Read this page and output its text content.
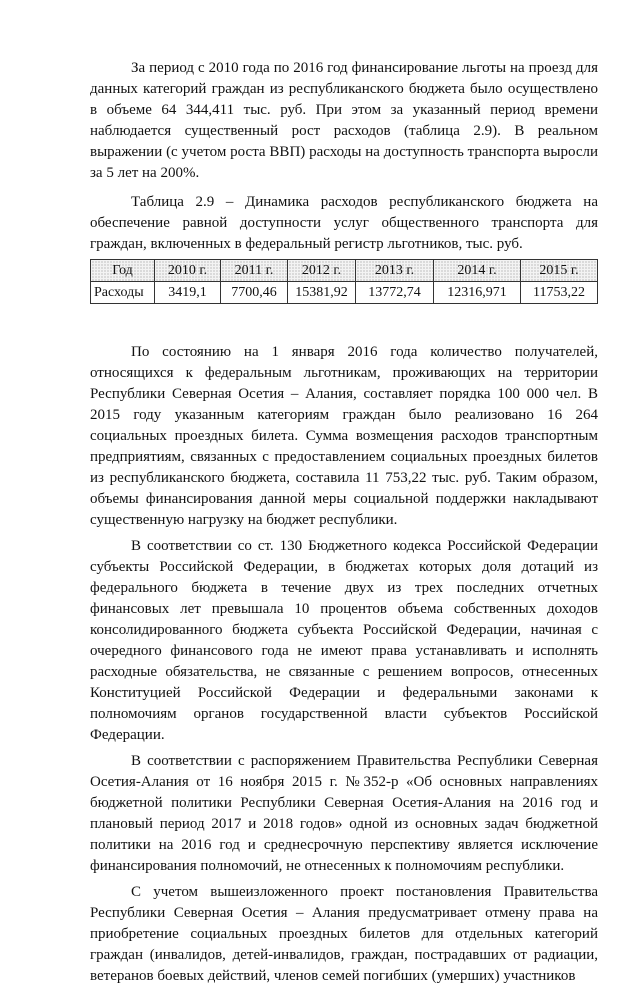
За период с 2010 года по 2016 год финансирование льготы на проезд для данных категорий граждан из республиканского бюджета было осуществлено в объеме 64 344,411 тыс. руб. При этом за указанный период времени наблюдается существенный рост расходов (таблица 2.9). В реальном выражении (с учетом роста ВВП) расходы на доступность транспорта выросли за 5 лет на 200%.

Таблица 2.9 – Динамика расходов республиканского бюджета на обеспечение равной доступности услуг общественного транспорта для граждан, включенных в федеральный регистр льготников, тыс. руб.

Год	2010 г.	2011 г.	2012 г.	2013 г.	2014 г.	2015 г.
Расходы	3419,1	7700,46	15381,92	13772,74	12316,971	11753,22

По состоянию на 1 января 2016 года количество получателей, относящихся к федеральным льготникам, проживающих на территории Республики Северная Осетия – Алания, составляет порядка 100 000 чел. В 2015 году указанным категориям граждан было реализовано 16 264 социальных проездных билета. Сумма возмещения расходов транспортным предприятиям, связанных с предоставлением социальных проездных билетов из республиканского бюджета, составила 11 753,22 тыс. руб. Таким образом, объемы финансирования данной меры социальной поддержки накладывают существенную нагрузку на бюджет республики.

В соответствии со ст. 130 Бюджетного кодекса Российской Федерации субъекты Российской Федерации, в бюджетах которых доля дотаций из федерального бюджета в течение двух из трех последних отчетных финансовых лет превышала 10 процентов объема собственных доходов консолидированного бюджета субъекта Российской Федерации, начиная с очередного финансового года не имеют права устанавливать и исполнять расходные обязательства, не связанные с решением вопросов, отнесенных Конституцией Российской Федерации и федеральными законами к полномочиям органов государственной власти субъектов Российской Федерации.

В соответствии с распоряжением Правительства Республики Северная Осетия-Алания от 16 ноября 2015 г. №352-р «Об основных направлениях бюджетной политики Республики Северная Осетия-Алания на 2016 год и плановый период 2017 и 2018 годов» одной из основных задач бюджетной политики на 2016 год и среднесрочную перспективу является исключение финансирования полномочий, не отнесенных к полномочиям республики.

С учетом вышеизложенного проект постановления Правительства Республики Северная Осетия – Алания предусматривает отмену права на приобретение социальных проездных билетов для отдельных категорий граждан (инвалидов, детей-инвалидов, граждан, пострадавших от радиации, ветеранов боевых действий, членов семей погибших (умерших) участников
